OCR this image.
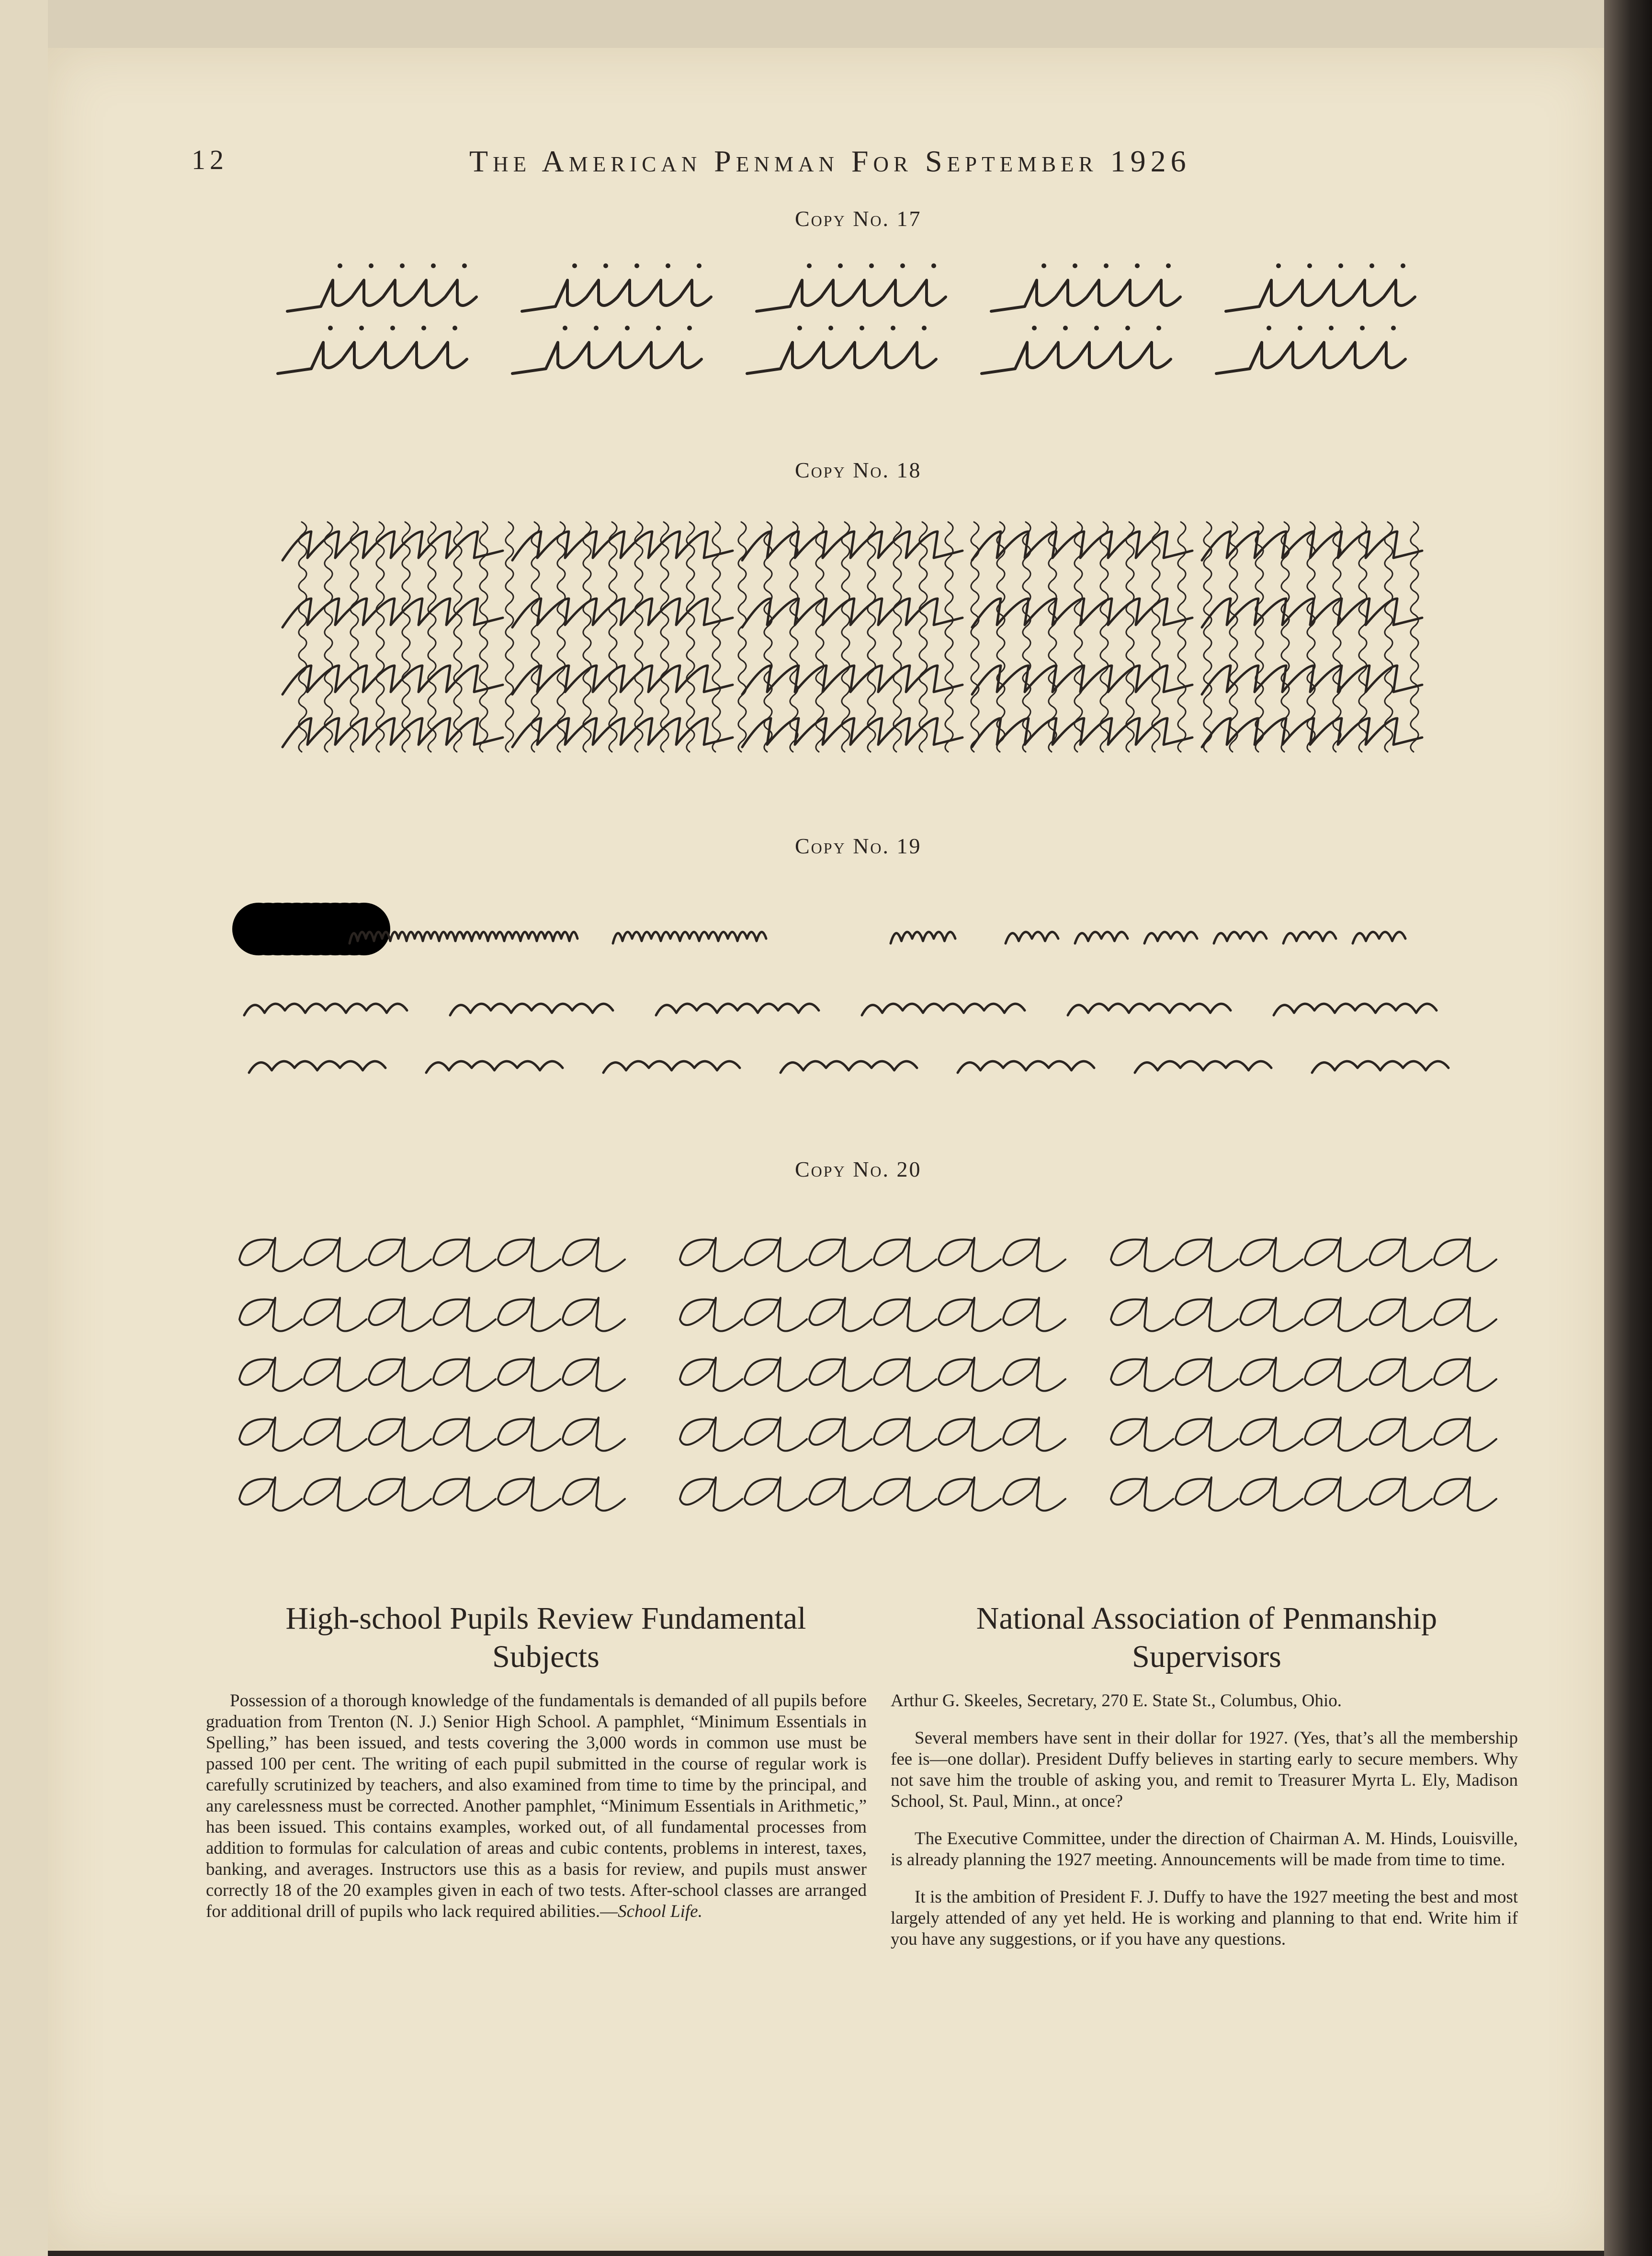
12	The American Penman For September 1926
Copy No. 17
Copy No. 18
Copy No. 19
Copy No. 20
High-school Pupils Review Fundamental
Subjects

Possession of a thorough knowledge of the fundamentals is demanded of all pupils before graduation from Trenton (N. J.) Senior High School. A pamphlet, “Minimum Essentials in Spelling,” has been issued, and tests covering the 3,000 words in common use must be passed 100 per cent. The writing of each pupil submitted in the course of regular work is carefully scrutinized by teachers, and also examined from time to time by the principal, and any carelessness must be corrected. Another pamphlet, “Minimum Essentials in Arithmetic,” has been issued. This contains examples, worked out, of all fundamental processes from addition to formulas for calculation of areas and cubic contents, problems in interest, taxes, banking, and averages. Instructors use this as a basis for review, and pupils must answer correctly 18 of the 20 examples given in each of two tests. After-school classes are arranged for additional drill of pupils who lack required abilities.—School Life.

National Association of Penmanship
Supervisors

Arthur G. Skeeles, Secretary, 270 E. State St., Columbus, Ohio.

Several members have sent in their dollar for 1927. (Yes, that’s all the membership fee is—one dollar). President Duffy believes in starting early to secure members. Why not save him the trouble of asking you, and remit to Treasurer Myrta L. Ely, Madison School, St. Paul, Minn., at once?

The Executive Committee, under the direction of Chairman A. M. Hinds, Louisville, is already planning the 1927 meeting. Announcements will be made from time to time.

It is the ambition of President F. J. Duffy to have the 1927 meeting the best and most largely attended of any yet held. He is working and planning to that end. Write him if you have any suggestions, or if you have any questions.
